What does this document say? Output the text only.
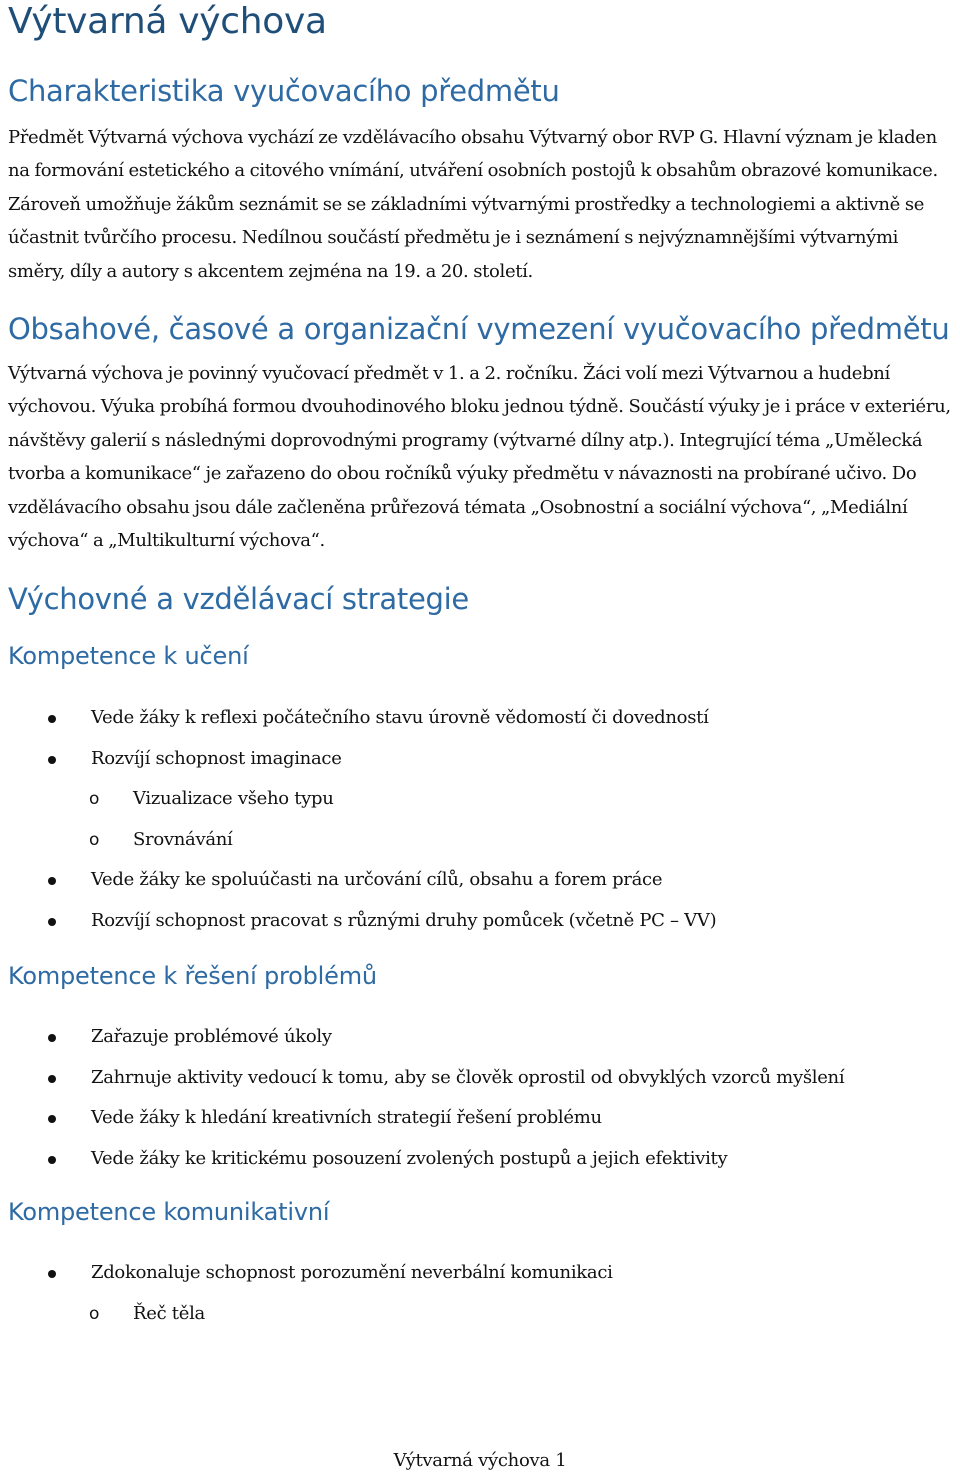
Výtvarná výchova
Charakteristika vyučovacího předmětu

Předmět Výtvarná výchova vychází ze vzdělávacího obsahu Výtvarný obor RVP G. Hlavní význam je kladen na formování estetického a citového vnímání, utváření osobních postojů k obsahům obrazové komunikace. Zároveň umožňuje žákům seznámit se se základními výtvarnými prostředky a technologiemi a aktivně se účastnit tvůrčího procesu. Nedílnou součástí předmětu je i seznámení s nejvýznamnějšími výtvarnými směry, díly a autory s akcentem zejména na 19. a 20. století.

Obsahové, časové a organizační vymezení vyučovacího předmětu

Výtvarná výchova je povinný vyučovací předmět v 1. a 2. ročníku. Žáci volí mezi Výtvarnou a hudební výchovou. Výuka probíhá formou dvouhodinového bloku jednou týdně. Součástí výuky je i práce v exteriéru, návštěvy galerií s následnými doprovodnými programy (výtvarné dílny atp.). Integrující téma „Umělecká tvorba a komunikace“ je zařazeno do obou ročníků výuky předmětu v návaznosti na probírané učivo. Do vzdělávacího obsahu jsou dále začleněna průřezová témata „Osobnostní a sociální výchova“, „Mediální výchova“ a „Multikulturní výchova“.

Výchovné a vzdělávací strategie
Kompetence k učení
Vede žáky k reflexi počátečního stavu úrovně vědomostí či dovedností
Rozvíjí schopnost imaginace
o Vizualizace všeho typu
o Srovnávání
Vede žáky ke spoluúčasti na určování cílů, obsahu a forem práce
Rozvíjí schopnost pracovat s různými druhy pomůcek (včetně PC – VV)
Kompetence k řešení problémů
Zařazuje problémové úkoly
Zahrnuje aktivity vedoucí k tomu, aby se člověk oprostil od obvyklých vzorců myšlení
Vede žáky k hledání kreativních strategií řešení problému
Vede žáky ke kritickému posouzení zvolených postupů a jejich efektivity
Kompetence komunikativní
Zdokonaluje schopnost porozumění neverbální komunikaci
o Řeč těla
Výtvarná výchova 1
